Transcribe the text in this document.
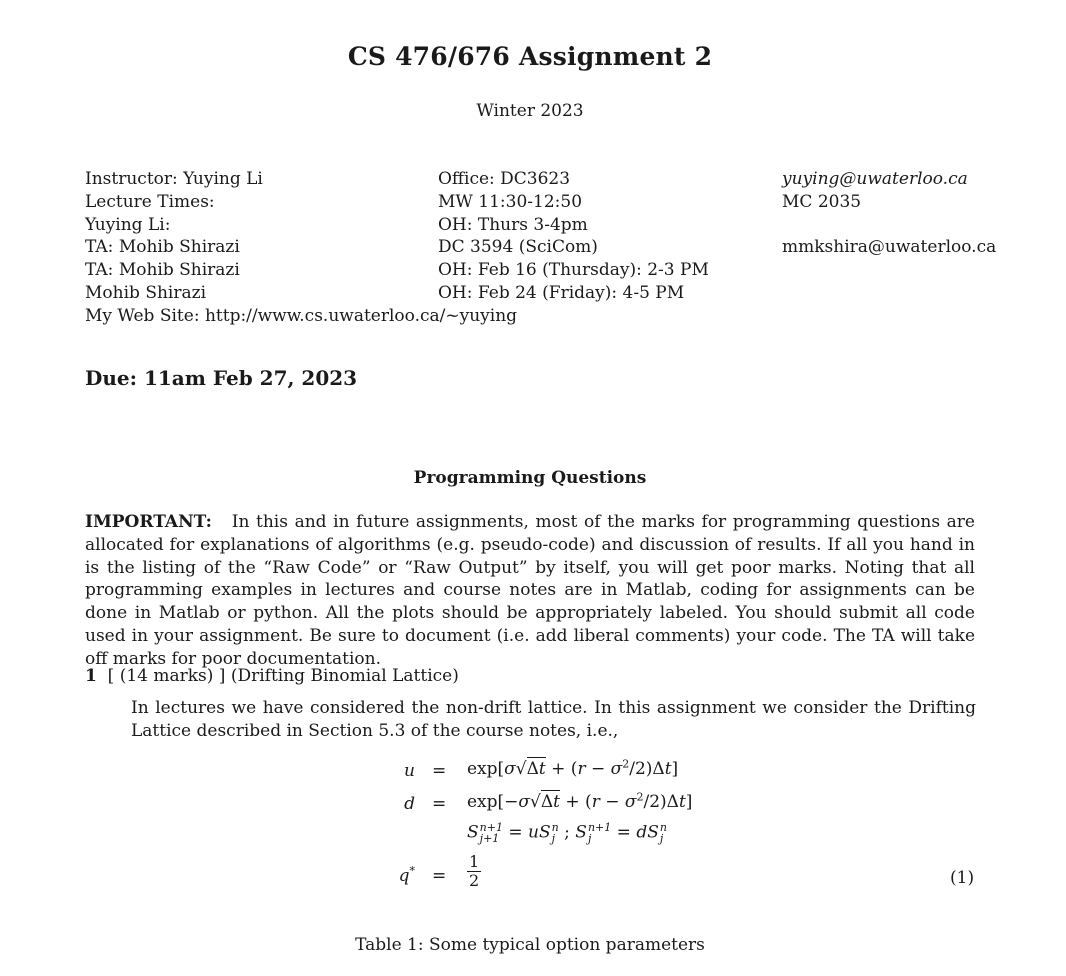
CS 476/676 Assignment 2
Winter 2023
Instructor: Yuying Li
Lecture Times:
Yuying Li:
TA: Mohib Shirazi
TA: Mohib Shirazi
Mohib Shirazi
My Web Site: http://www.cs.uwaterloo.ca/~yuying
Office: DC3623
MW 11:30-12:50
OH: Thurs 3-4pm
DC 3594 (SciCom)
OH: Feb 16 (Thursday): 2-3 PM
OH: Feb 24 (Friday): 4-5 PM
yuying@uwaterloo.ca
MC 2035
mmkshira@uwaterloo.ca
Due: 11am Feb 27, 2023
Programming Questions
IMPORTANT: In this and in future assignments, most of the marks for programming questions are allocated for explanations of algorithms (e.g. pseudo-code) and discussion of results. If all you hand in is the listing of the “Raw Code” or “Raw Output” by itself, you will get poor marks. Noting that all programming examples in lectures and course notes are in Matlab, coding for assignments can be done in Matlab or python. All the plots should be appropriately labeled. You should submit all code used in your assignment. Be sure to document (i.e. add liberal comments) your code. The TA will take off marks for poor documentation.
1 [ (14 marks) ] (Drifting Binomial Lattice)
In lectures we have considered the non-drift lattice. In this assignment we consider the Drifting Lattice described in Section 5.3 of the course notes, i.e.,
$u = \exp[\sigma√\Delta t + (r - \sigma^2/2)\Delta t]$
$d = \exp[-\sigma√\Delta t + (r - \sigma^2/2)\Delta t]$
S n+1
j+1 = uS n
j ; S n+1
j	= dS n
j
$q^* = \frac{1}{2}$	(1)
Table 1: Some typical option parameters
